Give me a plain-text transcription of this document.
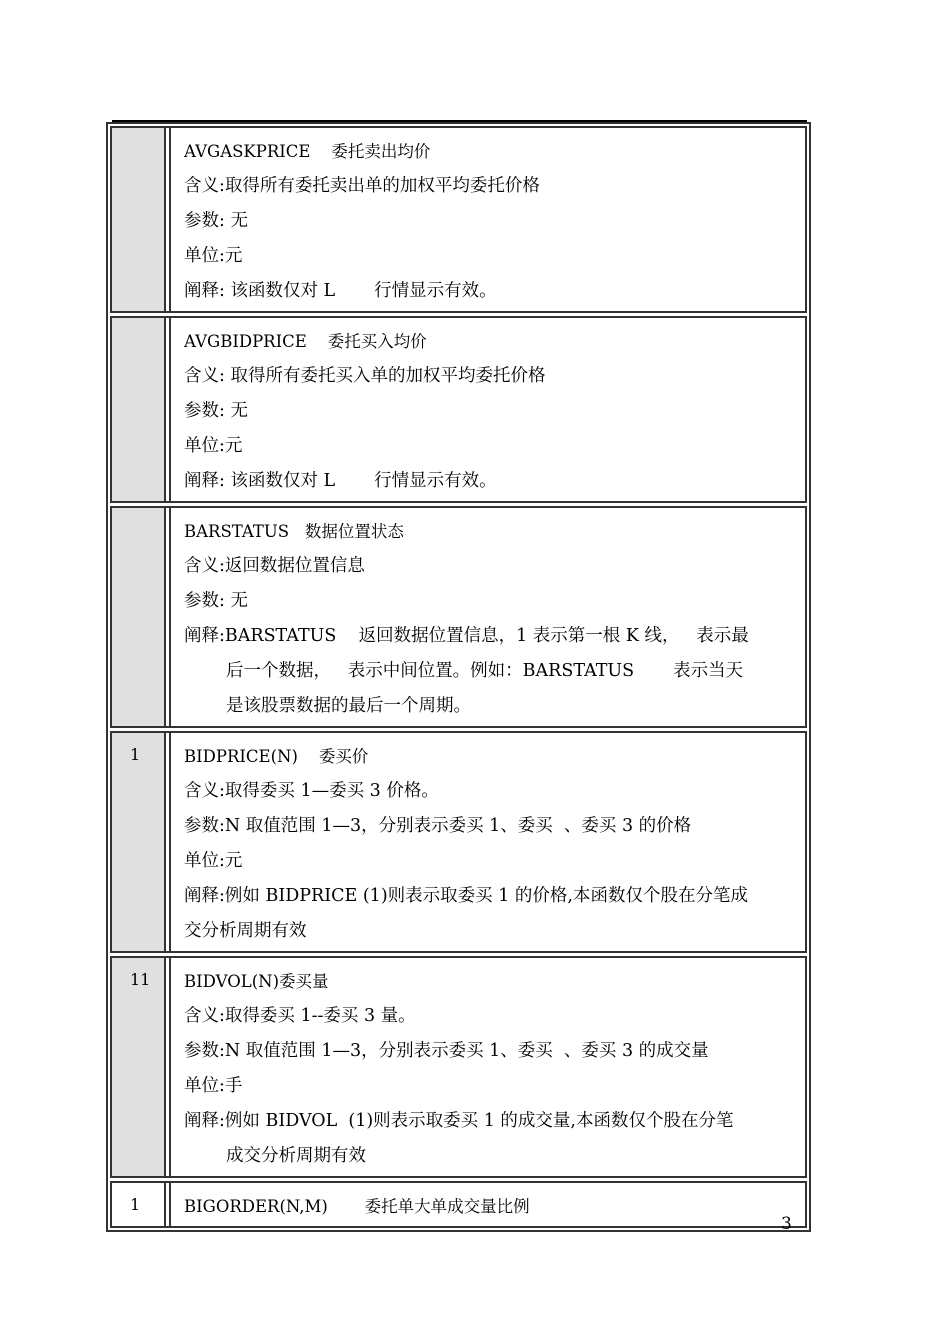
AVGASKPRICE    委托卖出均价
含义:取得所有委托卖出单的加权平均委托价格
参数: 无
单位:元
阐释: 该函数仅对 L       行情显示有效。
AVGBIDPRICE    委托买入均价
含义: 取得所有委托买入单的加权平均委托价格
参数: 无
单位:元
阐释: 该函数仅对 L       行情显示有效。
BARSTATUS   数据位置状态
含义:返回数据位置信息
参数: 无
阐释:BARSTATUS    返回数据位置信息，1 表示第一根 K 线，   表示最
后一个数据，   表示中间位置。例如：BARSTATUS       表示当天
是该股票数据的最后一个周期。
1	BIDPRICE(N)    委买价
含义:取得委买 1—委买 3 价格。
参数:N 取值范围 1—3，分别表示委买 1、委买  、委买 3 的价格
单位:元
阐释:例如 BIDPRICE (1)则表示取委买 1 的价格,本函数仅个股在分笔成
交分析周期有效
11	BIDVOL(N)委买量
含义:取得委买 1--委买 3 量。
参数:N 取值范围 1—3，分别表示委买 1、委买  、委买 3 的成交量
单位:手
阐释:例如 BIDVOL  (1)则表示取委买 1 的成交量,本函数仅个股在分笔
成交分析周期有效
1	BIGORDER(N,M)       委托单大单成交量比例
3
